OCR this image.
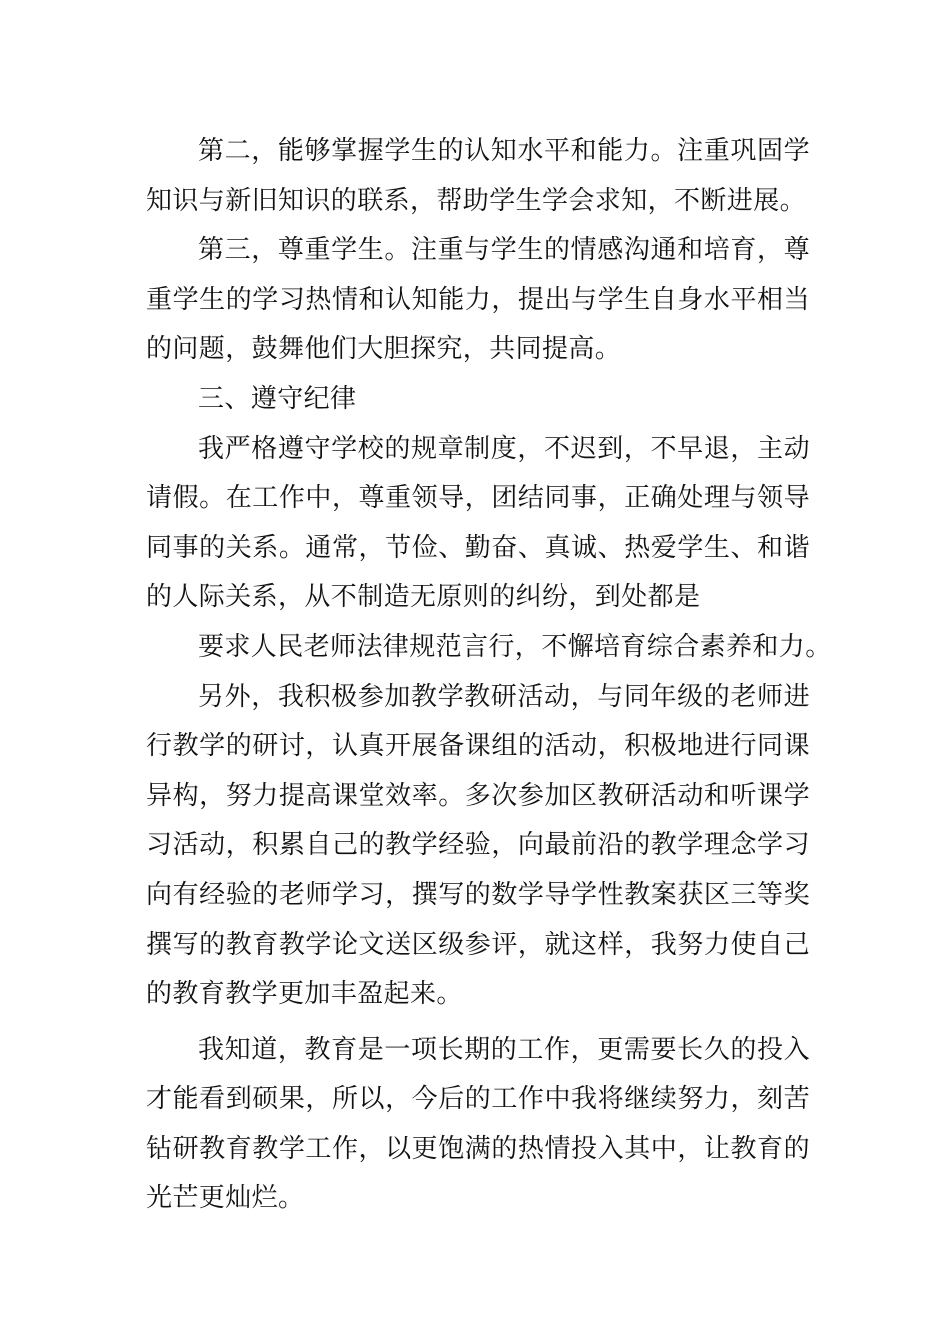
第二，能够掌握学生的认知水平和能力。注重巩固学
知识与新旧知识的联系，帮助学生学会求知，不断进展。

第三，尊重学生。注重与学生的情感沟通和培育，尊
重学生的学习热情和认知能力，提出与学生自身水平相当
的问题，鼓舞他们大胆探究，共同提高。

三、遵守纪律

我严格遵守学校的规章制度，不迟到，不早退，主动
请假。在工作中，尊重领导，团结同事，正确处理与领导
同事的关系。通常，节俭、勤奋、真诚、热爱学生、和谐
的人际关系，从不制造无原则的纠纷，到处都是

要求人民老师法律规范言行，不懈培育综合素养和力。

另外，我积极参加教学教研活动，与同年级的老师进
行教学的研讨，认真开展备课组的活动，积极地进行同课
异构，努力提高课堂效率。多次参加区教研活动和听课学
习活动，积累自己的教学经验，向最前沿的教学理念学习
向有经验的老师学习，撰写的数学导学性教案获区三等奖
撰写的教育教学论文送区级参评，就这样，我努力使自己
的教育教学更加丰盈起来。

我知道，教育是一项长期的工作，更需要长久的投入
才能看到硕果，所以，今后的工作中我将继续努力，刻苦
钻研教育教学工作，以更饱满的热情投入其中，让教育的
光芒更灿烂。
